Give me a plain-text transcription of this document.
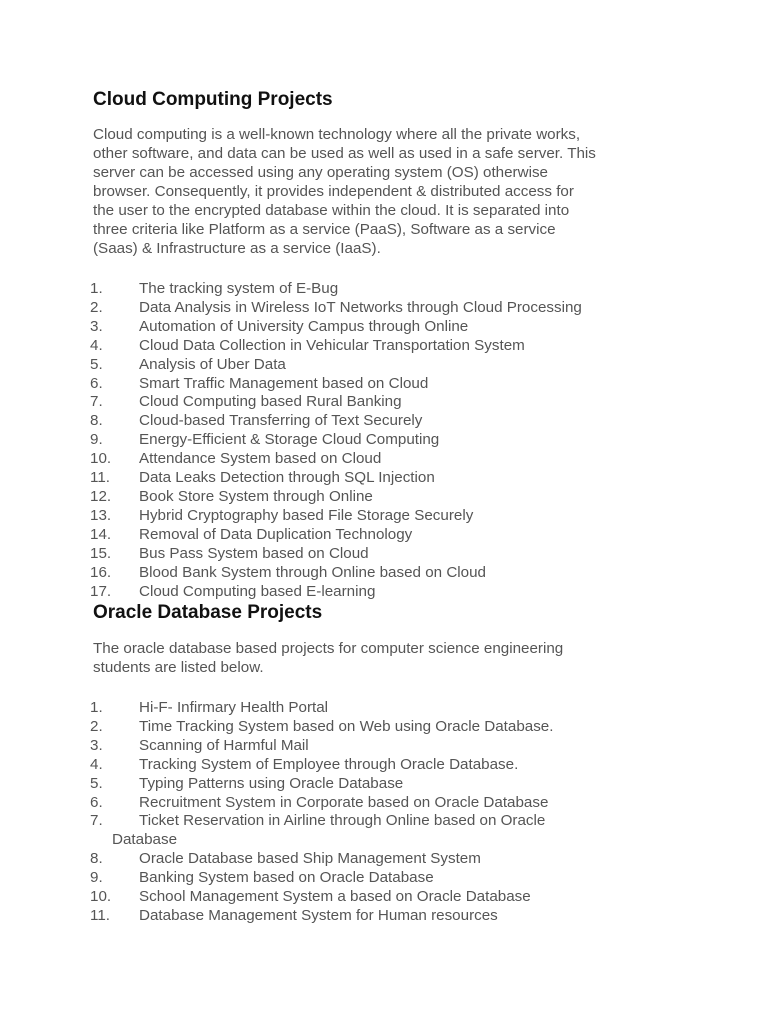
Cloud Computing Projects
Cloud computing is a well-known technology where all the private works,
other software, and data can be used as well as used in a safe server. This
server can be accessed using any operating system (OS) otherwise
browser. Consequently, it provides independent & distributed access for
the user to the encrypted database within the cloud. It is separated into
three criteria like Platform as a service (PaaS), Software as a service
(Saas) & Infrastructure as a service (IaaS).
1.	The tracking system of E-Bug
2.	Data Analysis in Wireless IoT Networks through Cloud Processing
3.	Automation of University Campus through Online
4.	Cloud Data Collection in Vehicular Transportation System
5.	Analysis of Uber Data
6.	Smart Traffic Management based on Cloud
7.	Cloud Computing based Rural Banking
8.	Cloud-based Transferring of Text Securely
9.	Energy-Efficient & Storage Cloud Computing
10.	Attendance System based on Cloud
11.	Data Leaks Detection through SQL Injection
12.	Book Store System through Online
13.	Hybrid Cryptography based File Storage Securely
14.	Removal of Data Duplication Technology
15.	Bus Pass System based on Cloud
16.	Blood Bank System through Online based on Cloud
17.	Cloud Computing based E-learning
Oracle Database Projects
The oracle database based projects for computer science engineering
students are listed below.
1.	Hi-F- Infirmary Health Portal
2.	Time Tracking System based on Web using Oracle Database.
3.	Scanning of Harmful Mail
4.	Tracking System of Employee through Oracle Database.
5.	Typing Patterns using Oracle Database
6.	Recruitment System in Corporate based on Oracle Database
7.	Ticket Reservation in Airline through Online based on Oracle
Database
8.	Oracle Database based Ship Management System
9.	Banking System based on Oracle Database
10.	School Management System a based on Oracle Database
11.	Database Management System for Human resources
